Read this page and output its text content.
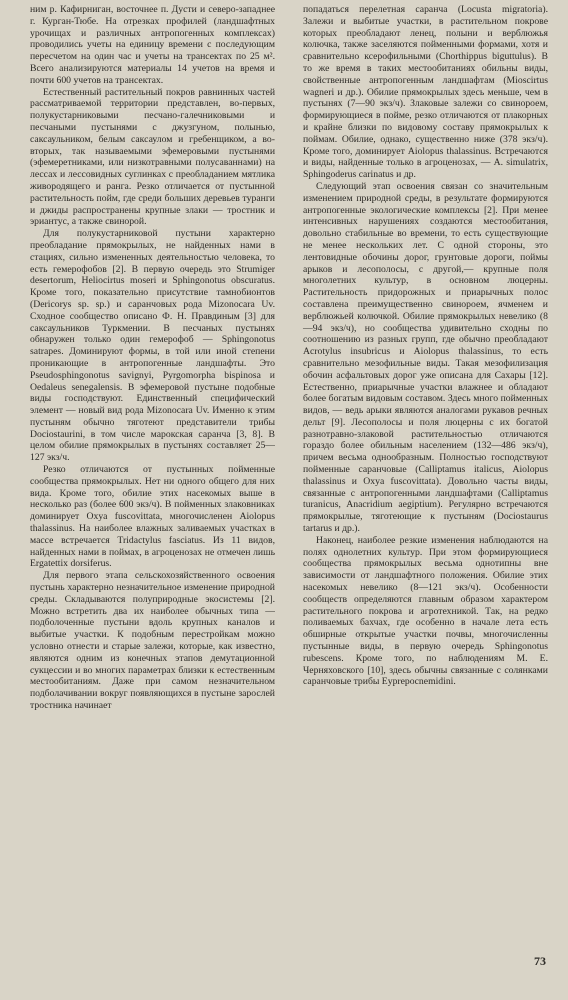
ним р. Кафирниган, восточнее п. Дусти и северо-западнее г. Курган-Тюбе. На отрезках профилей (ландшафтных урочищах и различных антропогенных комплексах) проводились учеты на единицу времени с последующим пересчетом на один час и учеты на трансектах по 25 м². Всего анализируются материалы 14 учетов на время и почти 600 учетов на трансектах.

Естественный растительный покров равнинных частей рассматриваемой территории представлен, во-первых, полукустарниковыми песчано-галечниковыми и песчаными пустынями с джузгуном, полынью, саксаульником, белым саксаулом и гребенщиком, а во-вторых, так называемыми эфемеровыми пустынями (эфемеретниками, или низкотравными полусаваннами) на лессах и лессовидных суглинках с преобладанием мятлика живородящего и ранга. Резко отличается от пустынной растительность пойм, где среди больших деревьев туранги и джиды распространены крупные злаки — тростник и эриантус, а также свинорой.

Для полукустарниковой пустыни характерно преобладание прямокрылых, не найденных нами в стациях, сильно измененных деятельностью человека, то есть гемерофобов [2]. В первую очередь это Strumiger desertorum, Heliocirtus moseri и Sphingonotus obscuratus. Кроме того, показательно присутствие тамнобионтов (Dericorys sp. sp.) и саранчовых рода Mizonocara Uv. Сходное сообщество описано Ф. Н. Правдиным [3] для саксаульников Туркмении. В песчаных пустынях обнаружен только один гемерофоб — Sphingonotus satrapes. Доминируют формы, в той или иной степени проникающие в антропогенные ландшафты. Это Pseudosphingonotus savignyi, Pyrgomorpha bispinosa и Oedaleus senegalensis. В эфемеровой пустыне подобные виды господствуют. Единственный специфический элемент — новый вид рода Mizonocara Uv. Именно к этим пустыням обычно тяготеют представители трибы Dociostaurini, в том числе марокская саранча [3, 8]. В целом обилие прямокрылых в пустынях составляет 25—127 экз/ч.

Резко отличаются от пустынных пойменные сообщества прямокрылых. Нет ни одного общего для них вида. Кроме того, обилие этих насекомых выше в несколько раз (более 600 экз/ч). В пойменных злаковниках доминирует Oxya fuscovittata, многочисленен Aiolopus thalassinus. На наиболее влажных заливаемых участках в массе встречается Tridactylus fasciatus. Из 11 видов, найденных нами в поймах, в агроценозах не отмечен лишь Ergatettix dorsiferus.

Для первого этапа сельскохозяйственного освоения пустынь характерно незначительное изменение природной среды. Складываются полуприродные экосистемы [2]. Можно встретить два их наиболее обычных типа — подболоченные пустыни вдоль крупных каналов и выбитые участки. К подобным перестройкам можно условно отнести и старые залежи, которые, как известно, являются одним из конечных этапов демутационной сукцессии и во многих параметрах близки к естественным местообитаниям. Даже при самом незначительном подболачивании вокруг появляющихся в пустыне зарослей тростника начинает

попадаться перелетная саранча (Locusta migratoria). Залежи и выбитые участки, в растительном покрове которых преобладают ленец, полыни и верблюжья колючка, также заселяются пойменными формами, хотя и сравнительно ксерофильными (Chorthippus biguttulus). В то же время в таких местообитаниях обильны виды, свойственные антропогенным ландшафтам (Mioscirtus wagneri и др.). Обилие прямокрылых здесь меньше, чем в пустынях (7—90 экз/ч). Злаковые залежи со свинороем, формирующиеся в пойме, резко отличаются от плакорных и крайне близки по видовому составу прямокрылых к поймам. Обилие, однако, существенно ниже (378 экз/ч). Кроме того, доминирует Aiolopus thalassinus. Встречаются и виды, найденные только в агроценозах, — A. simulatrix, Sphingoderus carinatus и др.

Следующий этап освоения связан со значительным изменением природной среды, в результате формируются антропогенные экологические комплексы [2]. При менее интенсивных нарушениях создаются местообитания, довольно стабильные во времени, то есть существующие не менее нескольких лет. С одной стороны, это лентовидные обочины дорог, грунтовые дороги, поймы арыков и лесополосы, с другой,— крупные поля многолетних культур, в основном люцерны. Растительность придорожных и приарычных полос составлена преимущественно свинороем, ячменем и верблюжьей колючкой. Обилие прямокрылых невелико (8—94 экз/ч), но сообщества удивительно сходны по соотношению из разных групп, где обычно преобладают Acrotylus insubricus и Aiolopus thalassinus, то есть сравнительно мезофильные виды. Такая мезофилизация обочин асфальтовых дорог уже описана для Сахары [12]. Естественно, приарычные участки влажнее и обладают более богатым видовым составом. Здесь много пойменных видов, — ведь арыки являются аналогами рукавов речных дельт [9]. Лесополосы и поля люцерны с их богатой разнотравно-злаковой растительностью отличаются гораздо более обильным населением (132—486 экз/ч), причем весьма однообразным. Полностью господствуют пойменные саранчовые (Calliptamus italicus, Aiolopus thalassinus и Oxya fuscovittata). Довольно часты виды, связанные с антропогенными ландшафтами (Calliptamus turanicus, Anacridium aegiptium). Регулярно встречаются прямокрылые, тяготеющие к пустыням (Dociostaurus tartarus и др.).

Наконец, наиболее резкие изменения наблюдаются на полях однолетних культур. При этом формирующиеся сообщества прямокрылых весьма однотипны вне зависимости от ландшафтного положения. Обилие этих насекомых невелико (8—121 экз/ч). Особенности сообществ определяются главным образом характером растительного покрова и агротехникой. Так, на редко поливаемых бахчах, где особенно в начале лета есть обширные открытые участки почвы, многочисленны пустынные виды, в первую очередь Sphingonotus rubescens. Кроме того, по наблюдениям М. Е. Черняховского [10], здесь обычны связанные с солянками саранчовые трибы Eyprepocnemidini.

73
